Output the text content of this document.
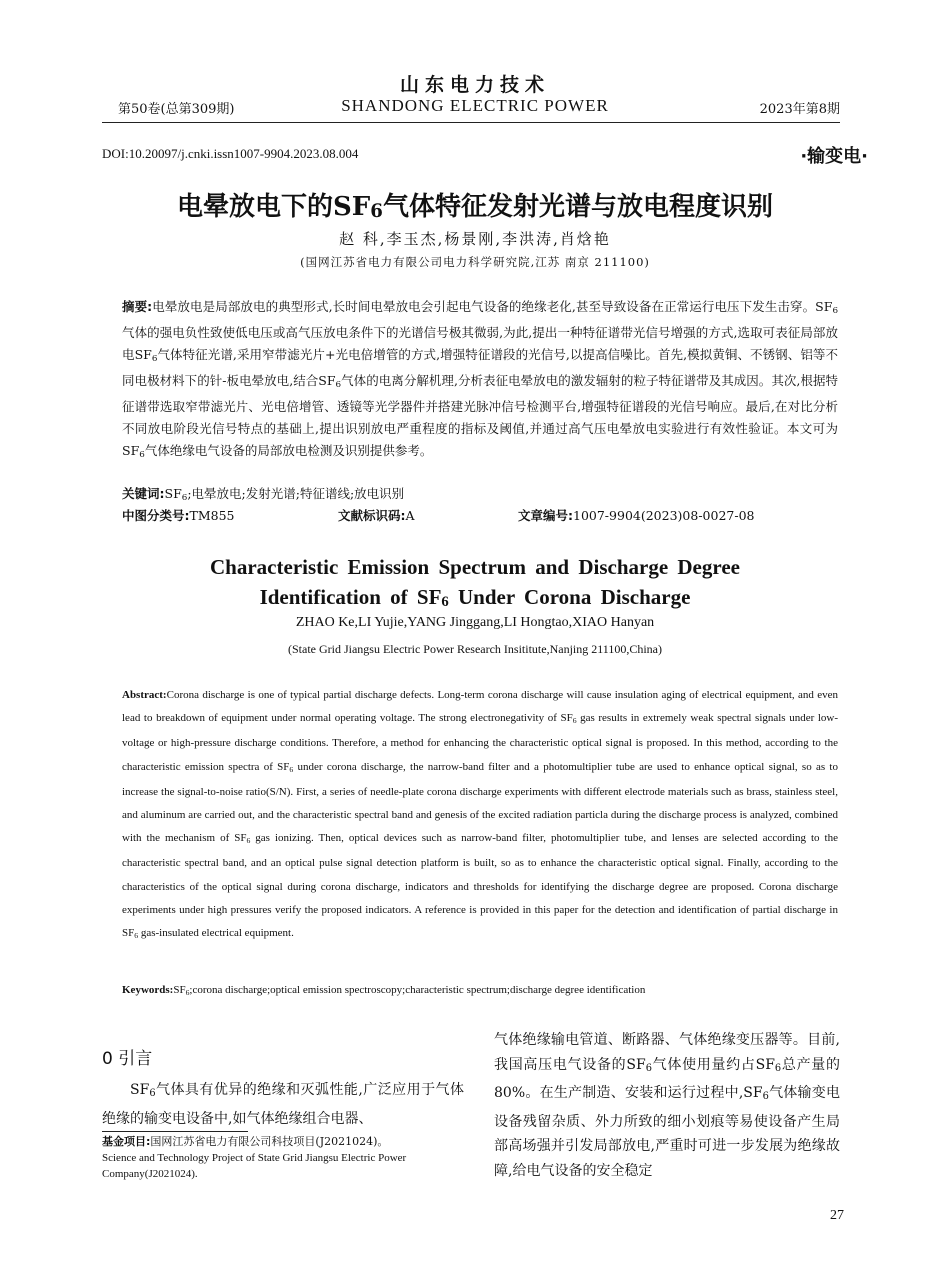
山东电力技术
第50卷(总第309期)	SHANDONG ELECTRIC POWER	2023年第8期
DOI:10.20097/j.cnki.issn1007-9904.2023.08.004	·输变电·
电晕放电下的$SF_6$气体特征发射光谱与放电程度识别
赵 科,李玉杰,杨景刚,李洪涛,肖焓艳
(国网江苏省电力有限公司电力科学研究院,江苏 南京 211100)
摘要:电晕放电是局部放电的典型形式,长时间电晕放电会引起电气设备的绝缘老化,甚至导致设备在正常运行电压下发生击穿。$SF_6$气体的强电负性致使低电压或高气压放电条件下的光谱信号极其微弱,为此,提出一种特征谱带光信号增强的方式,选取可表征局部放电$SF_6$气体特征光谱,采用窄带滤光片+光电倍增管的方式,增强特征谱段的光信号,以提高信噪比。首先,模拟黄铜、不锈钢、铝等不同电极材料下的针-板电晕放电,结合$SF_6$气体的电离分解机理,分析表征电晕放电的激发辐射的粒子特征谱带及其成因。其次,根据特征谱带选取窄带滤光片、光电倍增管、透镜等光学器件并搭建光脉冲信号检测平台,增强特征谱段的光信号响应。最后,在对比分析不同放电阶段光信号特点的基础上,提出识别放电严重程度的指标及阈值,并通过高气压电晕放电实验进行有效性验证。本文可为$SF_6$气体绝缘电气设备的局部放电检测及识别提供参考。
关键词$:SF_6$;电晕放电;发射光谱;特征谱线;放电识别
中图分类号:TM855	文献标识码:A	文章编号:1007-9904(2023)08-0027-08
Characteristic Emission Spectrum and Discharge Degree
Identification of $SF_6$ Under Corona Discharge
ZHAO Ke,LI Yujie,YANG Jinggang,LI Hongtao,XIAO Hanyan
(State Grid Jiangsu Electric Power Research Insititute,Nanjing 211100,China)
Abstract:Corona discharge is one of typical partial discharge defects. Long-term corona discharge will cause insulation aging of electrical equipment, and even lead to breakdown of equipment under normal operating voltage. The strong electronegativity of $SF_6$ gas results in extremely weak spectral signals under low-voltage or high-pressure discharge conditions. Therefore, a method for enhancing the characteristic optical signal is proposed. In this method, according to the characteristic emission spectra of $SF_6$ under corona discharge, the narrow-band filter and a photomultiplier tube are used to enhance optical signal, so as to increase the signal-to-noise ratio(S/N). First, a series of needle-plate corona discharge experiments with different electrode materials such as brass, stainless steel, and aluminum are carried out, and the characteristic spectral band and genesis of the excited radiation particla during the discharge process is analyzed, combined with the mechanism of $SF_6$ gas ionizing. Then, optical devices such as narrow-band filter, photomultiplier tube, and lenses are selected according to the characteristic spectral band, and an optical pulse signal detection platform is built, so as to enhance the characteristic optical signal. Finally, according to the characteristics of the optical signal during corona discharge, indicators and thresholds for identifying the discharge degree are proposed. Corona discharge experiments under high pressures verify the proposed indicators. A reference is provided in this paper for the detection and identification of partial discharge in $SF_6$ gas-insulated electrical equipment.
$Keywords:SF_6;corona$ discharge;optical emission spectroscopy;characteristic spectrum;discharge degree identification
0 引言
$SF_6$气体具有优异的绝缘和灭弧性能,广泛应用于气体绝缘的输变电设备中,如气体绝缘组合电器、
基金项目:国网江苏省电力有限公司科技项目(J2021024)。
Science and Technology Project of State Grid Jiangsu Electric Power Company(J2021024).
气体绝缘输电管道、断路器、气体绝缘变压器等。目前,我国高压电气设备的$SF_6$气体使用量约占$SF_6$总产量的80%。在生产制造、安装和运行过程中$,SF_6$气体输变电设备残留杂质、外力所致的细小划痕等易使设备产生局部高场强并引发局部放电,严重时可进一步发展为绝缘故障,给电气设备的安全稳定
27
